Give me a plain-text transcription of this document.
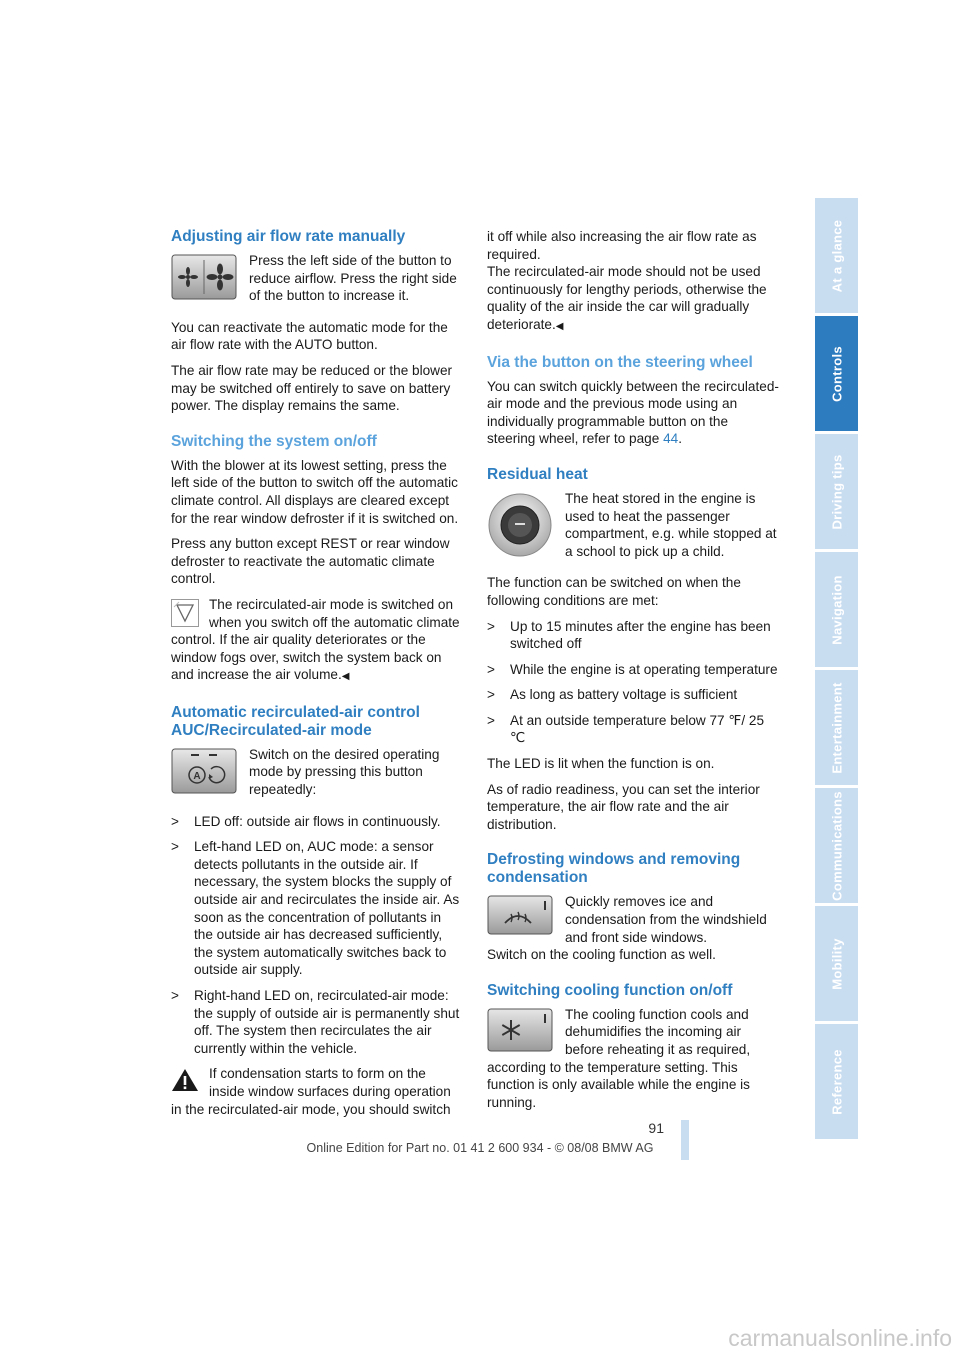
Adjusting air flow rate manually

Press the left side of the button to reduce airflow. Press the right side of the button to increase it.

You can reactivate the automatic mode for the air flow rate with the AUTO button.

The air flow rate may be reduced or the blower may be switched off entirely to save on battery power. The display remains the same.

Switching the system on/off

With the blower at its lowest setting, press the left side of the button to switch off the automatic climate control. All displays are cleared except for the rear window defroster if it is switched on.

Press any button except REST or rear window defroster to reactivate the automatic climate control.

The recirculated-air mode is switched on when you switch off the automatic climate control. If the air quality deteriorates or the window fogs over, switch the system back on and increase the air volume.◀

Automatic recirculated-air control AUC/Recirculated-air mode
A

Switch on the desired operating mode by pressing this button repeatedly:

> LED off: outside air flows in continuously.
> Left-hand LED on, AUC mode: a sensor detects pollutants in the outside air. If necessary, the system blocks the supply of outside air and recirculates the inside air. As soon as the concentration of pollutants in the outside air has decreased sufficiently, the system automatically switches back to outside air supply.
> Right-hand LED on, recirculated-air mode: the supply of outside air is permanently shut off. The system then recirculates the air currently within the vehicle.

If condensation starts to form on the inside window surfaces during operation in the recirculated-air mode, you should switch

it off while also increasing the air flow rate as required.

The recirculated-air mode should not be used continuously for lengthy periods, otherwise the quality of the air inside the car will gradually deteriorate.◀

Via the button on the steering wheel

You can switch quickly between the recirculated-air mode and the previous mode using an individually programmable button on the steering wheel, refer to page 44.

Residual heat

The heat stored in the engine is used to heat the passenger compartment, e.g. while stopped at a school to pick up a child.

The function can be switched on when the following conditions are met:

> Up to 15 minutes after the engine has been switched off
> While the engine is at operating temperature
> As long as battery voltage is sufficient
> At an outside temperature below 77 ℉/ 25 ℃

The LED is lit when the function is on.

As of radio readiness, you can set the interior temperature, the air flow rate and the air distribution.

Defrosting windows and removing condensation

Quickly removes ice and condensation from the windshield and front side windows.

Switch on the cooling function as well.

Switching cooling function on/off

The cooling function cools and dehumidifies the incoming air before reheating it as required, according to the temperature setting. This function is only available while the engine is running.

At a glance
Controls
Driving tips
Navigation
Entertainment
Communications
Mobility
Reference
91
Online Edition for Part no. 01 41 2 600 934 - © 08/08 BMW AG
carmanualsonline.info
